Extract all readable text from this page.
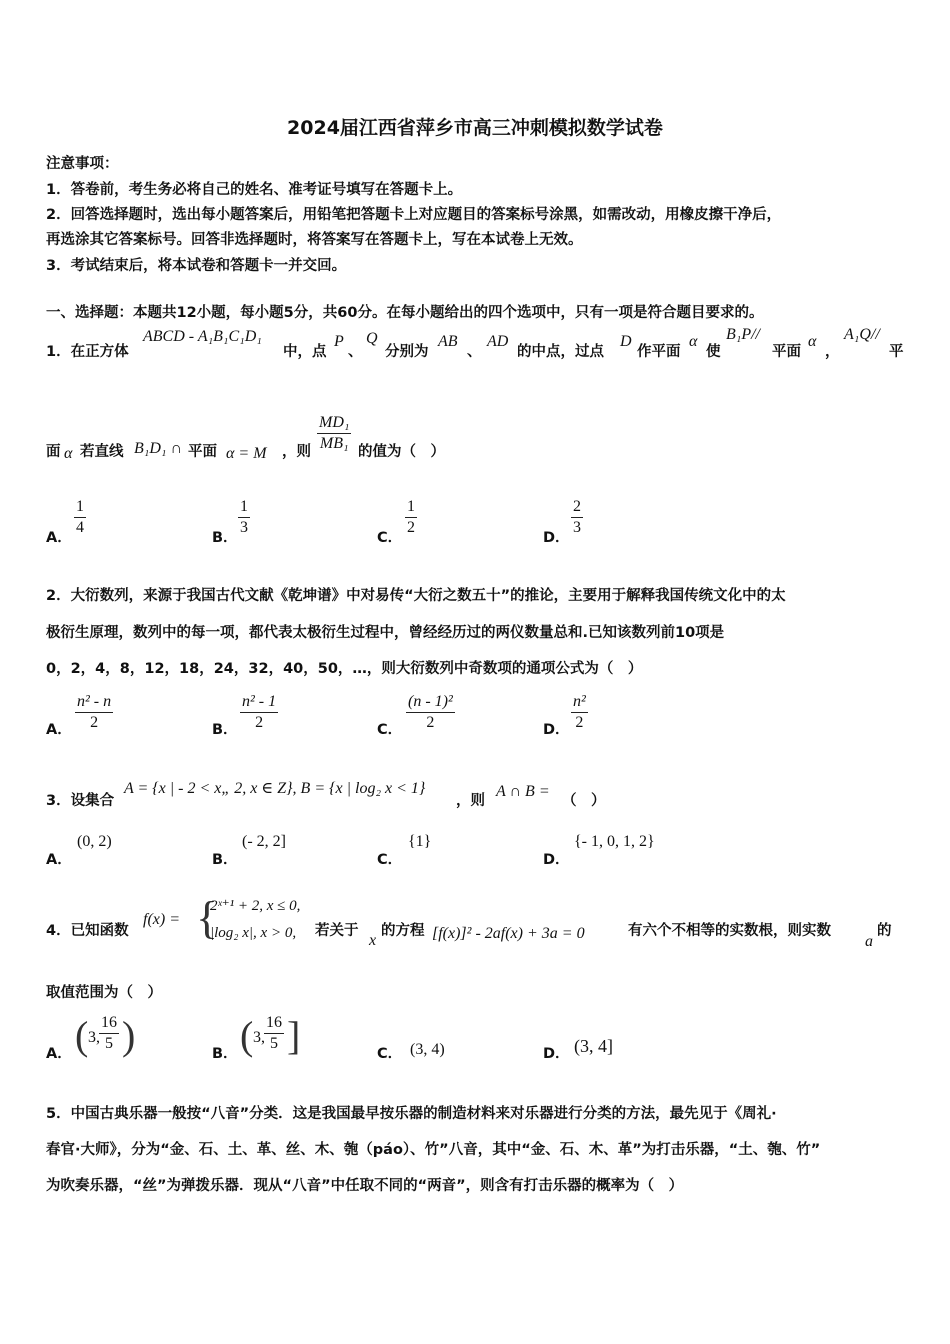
2024届江西省萍乡市高三冲刺模拟数学试卷
注意事项：
1．答卷前，考生务必将自己的姓名、准考证号填写在答题卡上。
2．回答选择题时，选出每小题答案后，用铅笔把答题卡上对应题目的答案标号涂黑，如需改动，用橡皮擦干净后，
再选涂其它答案标号。回答非选择题时，将答案写在答题卡上，写在本试卷上无效。
3．考试结束后，将本试卷和答题卡一并交回。
一、选择题：本题共12小题，每小题5分，共60分。在每小题给出的四个选项中，只有一项是符合题目要求的。
1．在正方体
ABCD - A₁B₁C₁D₁
中，点
P
、
Q
分别为
AB
、
AD
的中点，过点
D
作平面
α
使
B₁P//
平面
α
，
A₁Q//
平
面 α 若直线 B₁D₁ ∩ 平面 α = M ，则 $\frac{\text{MD₁}}{\text{MB₁}}$ 的值为（　）
A． $\frac{1}{4}$	B． $\frac{1}{3}$	C． $\frac{1}{2}$	D． $\frac{2}{3}$
2．大衍数列，来源于我国古代文献《乾坤谱》中对易传“大衍之数五十”的推论，主要用于解释我国传统文化中的太
极衍生原理，数列中的每一项，都代表太极衍生过程中，曾经经历过的两仪数量总和.已知该数列前10项是
0，2，4，8，12，18，24，32，40，50，…，则大衍数列中奇数项的通项公式为（　）
A． $\frac{\text{n² - n}}{2}$	B． $\frac{\text{n² - 1}}{2}$	C． $\frac{\text{(n - 1)²}}{2}$	D． $\frac{\text{n²}}{2}$
3．设集合
A = {x | - 2 < x„ 2, x ∈ Z}, B = {x | log₂ x < 1}
，则
A ∩ B =
（　）
A．
(0, 2)
B．
(- 2, 2]
C．
{1}
D．
{- 1, 0, 1, 2}
4．已知函数
f(x) = {
2ˣ⁺¹ + 2, x ≤ 0,
|log₂ x|, x > 0, 若关于
x
的方程 [f(x)]² - 2af(x) + 3a = 0	有六个不相等的实数根，则实数
a
的
取值范围为（　）
A． ( 3, $\frac{16}{5}$ )	B． ( 3, $\frac{16}{5}$ ]	C． (3, 4)	D． (3, 4]
5．中国古典乐器一般按“八音”分类．这是我国最早按乐器的制造材料来对乐器进行分类的方法，最先见于《周礼·
春官·大师》，分为“金、石、土、革、丝、木、匏（páo）、竹”八音，其中“金、石、木、革”为打击乐器，“土、匏、竹”
为吹奏乐器，“丝”为弹拨乐器．现从“八音”中任取不同的“两音”，则含有打击乐器的概率为（　）
